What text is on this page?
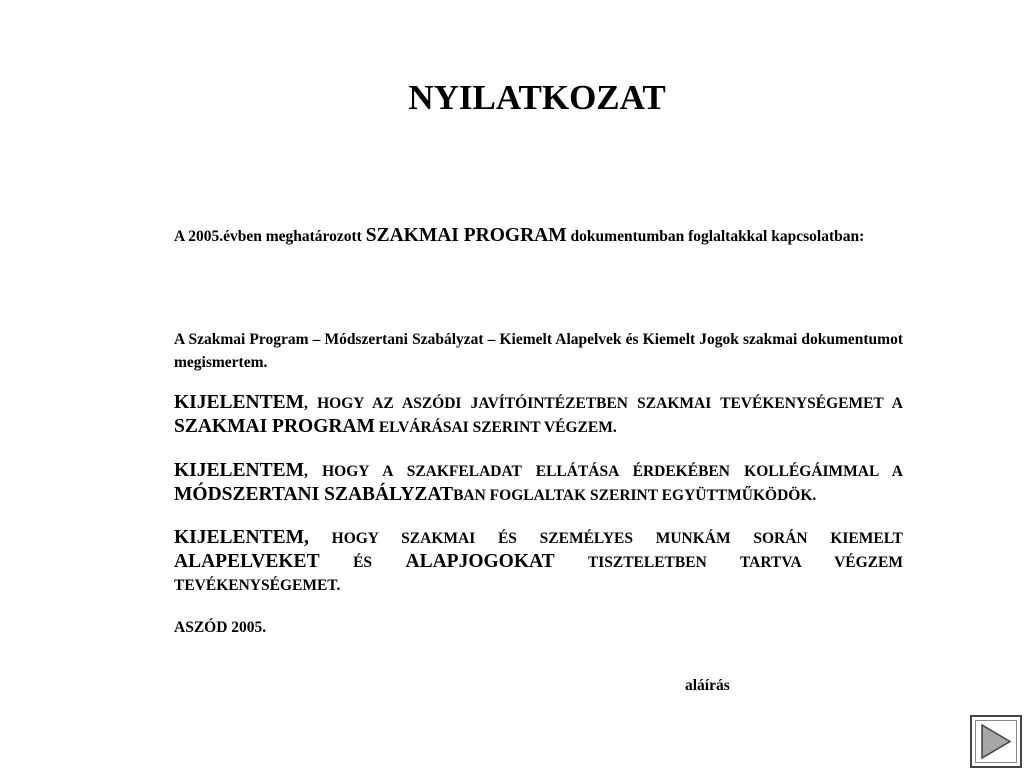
NYILATKOZAT

A 2005.évben meghatározott SZAKMAI PROGRAM dokumentumban foglaltakkal kapcsolatban:

A Szakmai Program – Módszertani Szabályzat – Kiemelt Alapelvek és Kiemelt Jogok szakmai dokumentumot megismertem.

KIJELENTEM, HOGY AZ ASZÓDI JAVÍTÓINTÉZETBEN SZAKMAI TEVÉKENYSÉGEMET A SZAKMAI PROGRAM ELVÁRÁSAI SZERINT VÉGZEM.

KIJELENTEM, HOGY A SZAKFELADAT ELLÁTÁSA ÉRDEKÉBEN KOLLÉGÁIMMAL A MÓDSZERTANI SZABÁLYZATBAN FOGLALTAK SZERINT EGYÜTTMŰKÖDÖK.

KIJELENTEM, HOGY SZAKMAI ÉS SZEMÉLYES MUNKÁM SORÁN KIEMELT ALAPELVEKET ÉS ALAPJOGOKAT TISZTELETBEN TARTVA VÉGZEM TEVÉKENYSÉGEMET.

ASZÓD 2005.

aláírás
